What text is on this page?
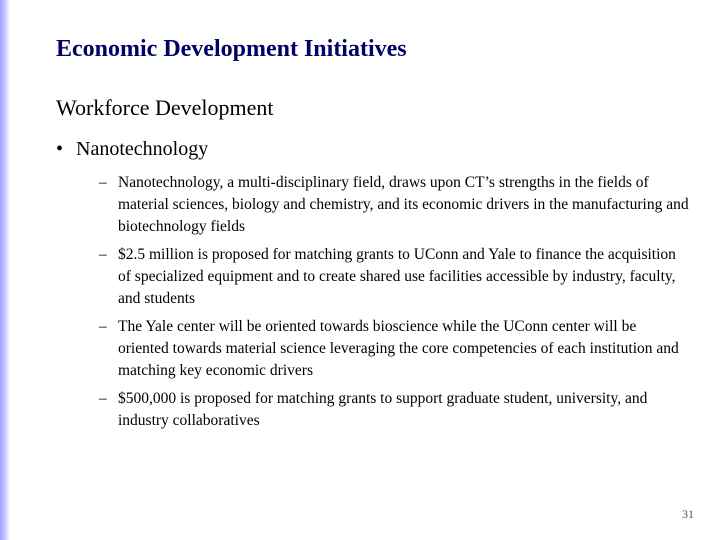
Economic Development Initiatives
Workforce Development
• Nanotechnology
– Nanotechnology, a multi-disciplinary field, draws upon CT’s strengths in the fields of material sciences, biology and chemistry, and its economic drivers in the manufacturing and biotechnology fields
– $2.5 million is proposed for matching grants to UConn and Yale to finance the acquisition of specialized equipment and to create shared use facilities accessible by industry, faculty, and students
– The Yale center will be oriented towards bioscience while the UConn center will be oriented towards material science leveraging the core competencies of each institution and matching key economic drivers
– $500,000 is proposed for matching grants to support graduate student, university, and industry collaboratives
31
